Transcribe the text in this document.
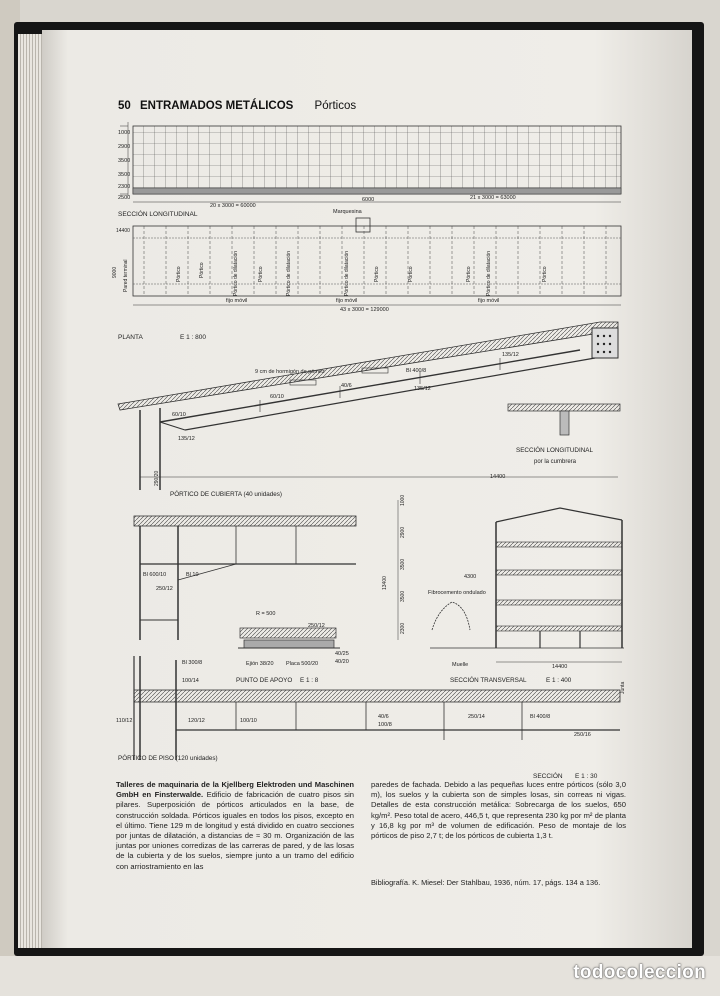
50 ENTRAMADOS METÁLICOS Pórticos
1000
2900
3500
3500
2300
2500
20 x 3000 = 60000
6000	21 x 3000 = 63000
SECCIÓN LONGITUDINAL	Marquesina
14400
9000 Pared terminal	Pórtico	Pórtico	Pórtico de dilatación	Pórtico	Pórtico de dilatación	Pórtico de dilatación	Pórtico	Pórtico	Pórtico de dilatación
Pórtico	Pórtico
fijo móvil	fijo móvil	fijo móvil
43 x 3000 = 129000
PLANTA	E 1 : 800
9 cm de hormigón de pómez
135/12
Bl 400/8
135/12
40/6
60/10
60/10
135/12
290/20	14400
PÓRTICO DE CUBIERTA (40 unidades)
SECCIÓN LONGITUDINAL
por la cumbrera
Bl 600/10	Bl 10
250/12
R = 500
250/12
40/25
40/20
Ejión 38/20 Placa 500/20
PUNTO DE APOYO E 1 : 8
1000
2900
3500
3500
2300
13400	4300
Fibrocemento ondulado
Muelle	14400
SECCIÓN TRANSVERSAL	E 1 : 400
Junta
Bl 300/8
100/14
110/12	120/12	100/10
40/6
100/8
250/14	Bl 400/8
250/16
PÓRTICO DE PISO (120 unidades)
SECCIÓN E 1 : 30
Talleres de maquinaria de la Kjellberg Elektroden und Maschinen GmbH en Finsterwalde. Edificio de fabricación de cuatro pisos sin pilares. Superposición de pórticos articulados en la base, de construcción soldada. Pórticos iguales en todos los pisos, excepto en el último. Tiene 129 m de longitud y está dividido en cuatro secciones por juntas de dilatación, a distancias de ≈ 30 m. Organización de las juntas por uniones corredizas de las carreras de pared, y de las losas de la cubierta y de los suelos, siempre junto a un tramo del edificio con arriostramiento en las
paredes de fachada. Debido a las pequeñas luces entre pórticos (sólo 3,0 m), los suelos y la cubierta son de simples losas, sin correas ni vigas. Detalles de esta construcción metálica: Sobrecarga de los suelos, 650 kg/m². Peso total de acero, 446,5 t, que representa 230 kg por m² de planta y 16,8 kg por m³ de volumen de edificación. Peso de montaje de los pórticos de piso 2,7 t; de los pórticos de cubierta 1,3 t.
Bibliografía. K. Miesel: Der Stahlbau, 1936, núm. 17, págs. 134 a 136.
todocoleccion
